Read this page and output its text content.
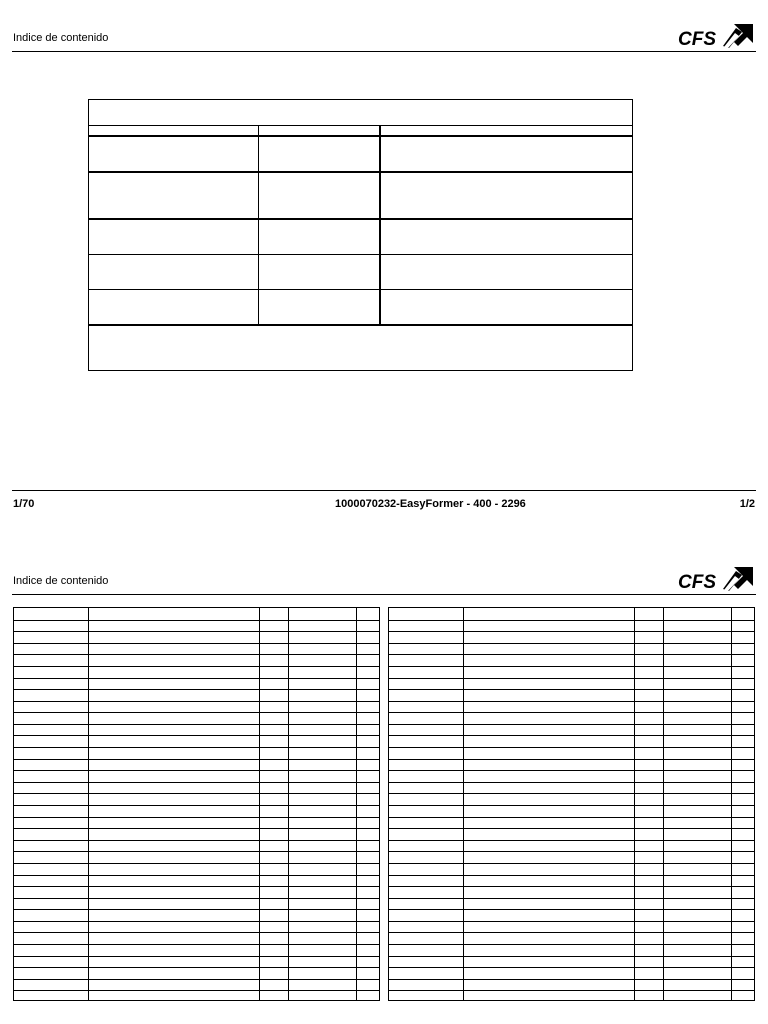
Indice de contenido	CFS
1/70	1000070232-EasyFormer - 400 - 2296	1/2
Indice de contenido	CFS
